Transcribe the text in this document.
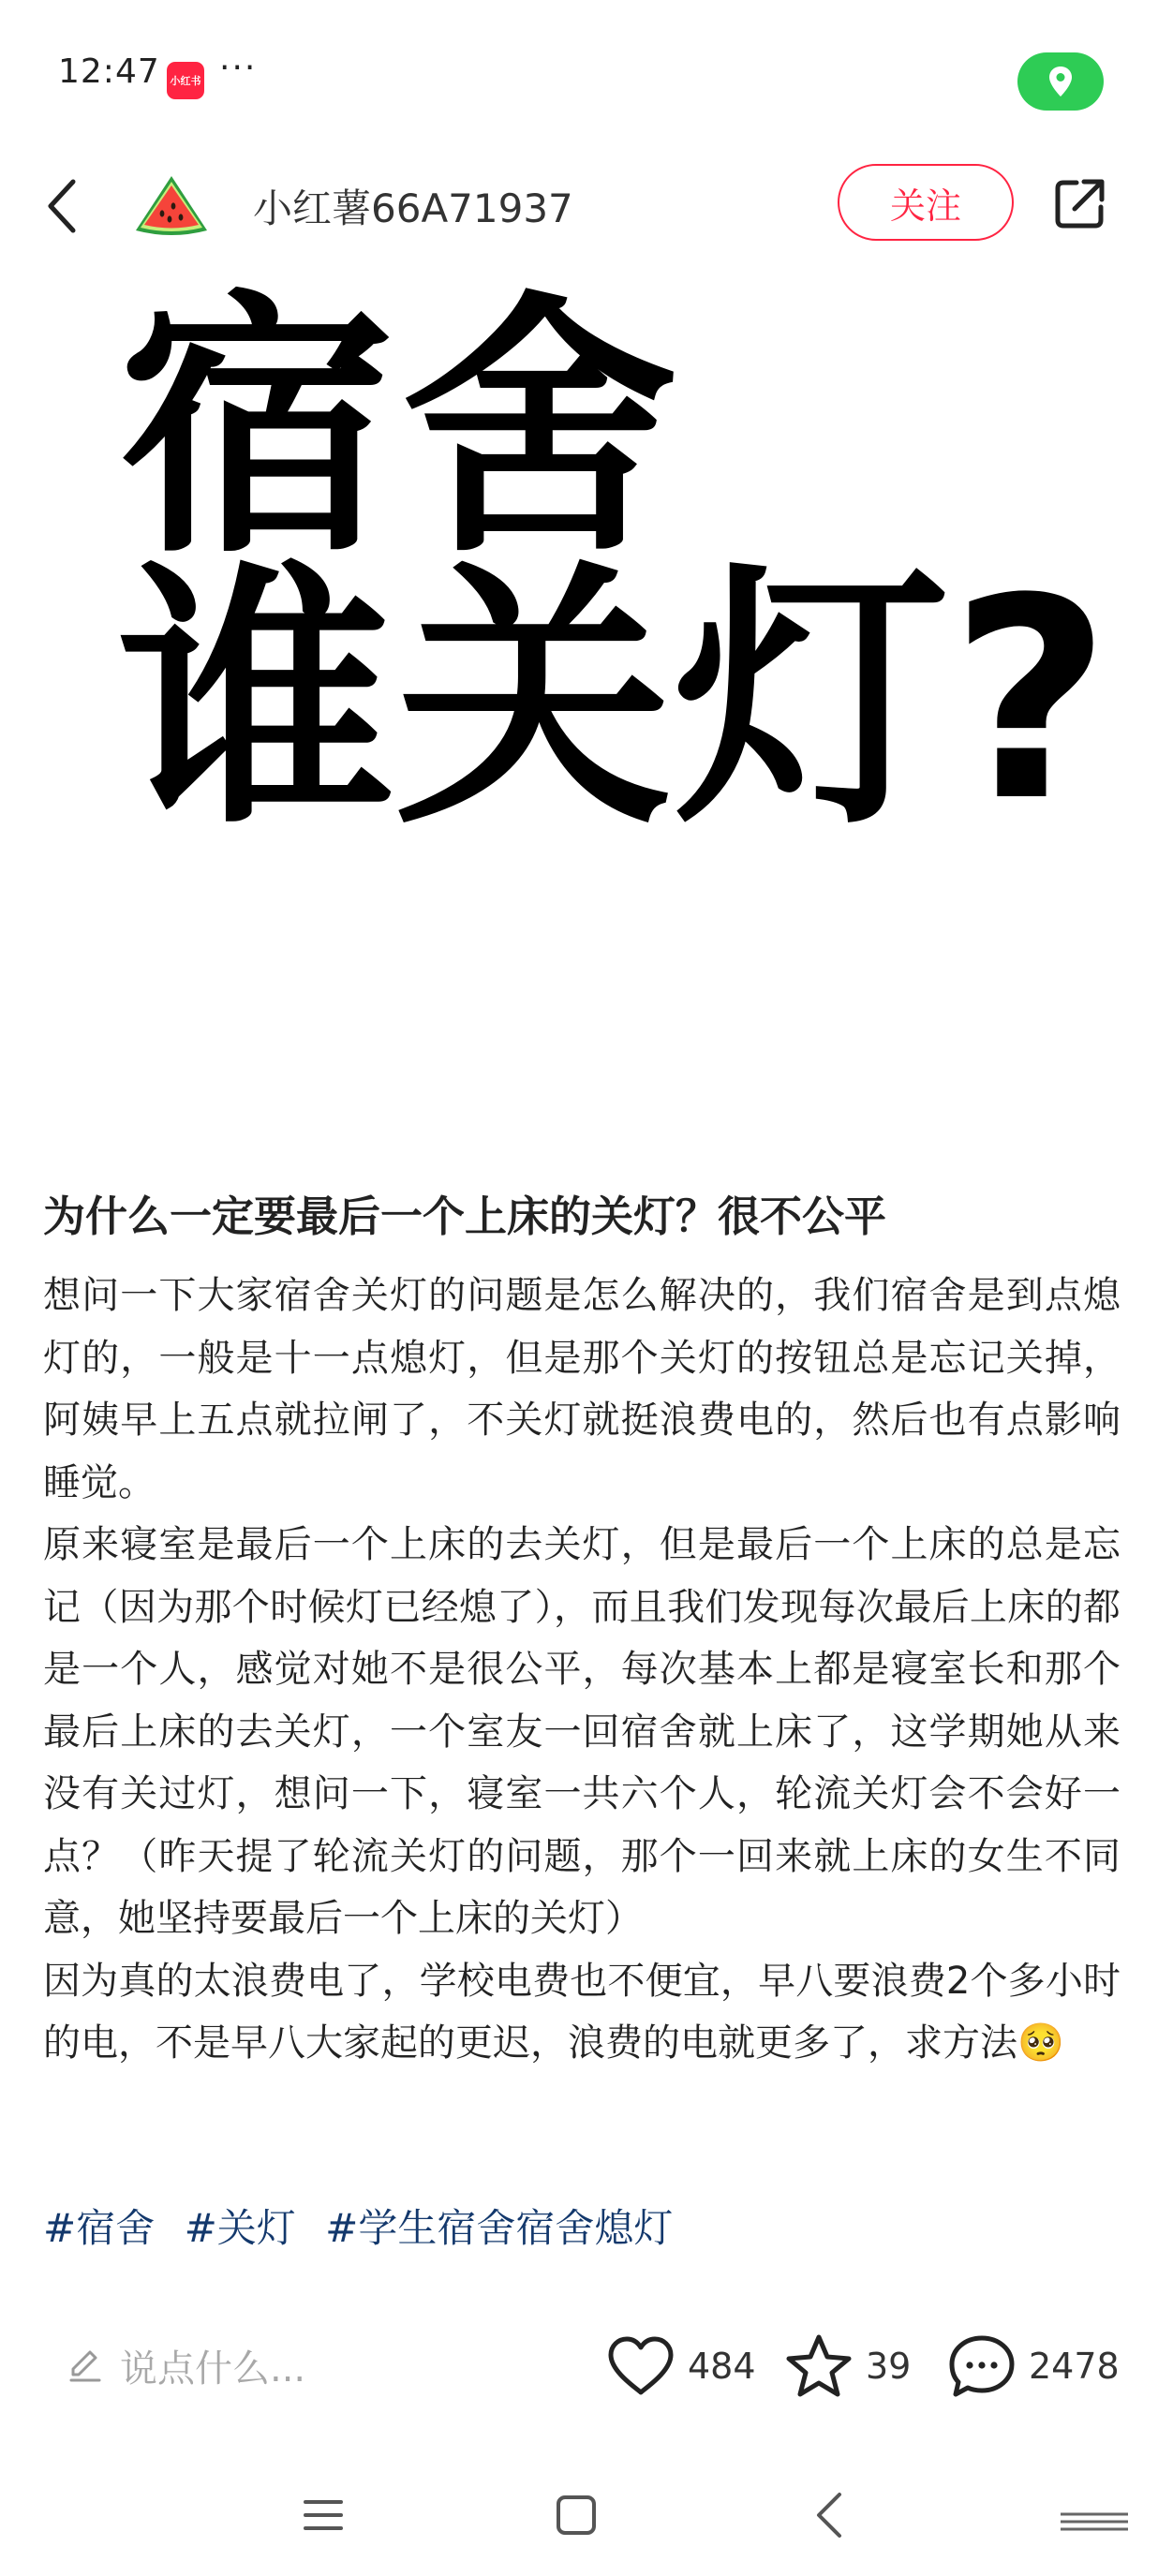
12:47 小红书 ···
小红薯66A71937	关注
宿舍
谁关灯?
为什么一定要最后一个上床的关灯？很不公平

想问一下大家宿舍关灯的问题是怎么解决的，我们宿舍是到点熄灯的，一般是十一点熄灯，但是那个关灯的按钮总是忘记关掉，阿姨早上五点就拉闸了，不关灯就挺浪费电的，然后也有点影响睡觉。

原来寝室是最后一个上床的去关灯，但是最后一个上床的总是忘记（因为那个时候灯已经熄了），而且我们发现每次最后上床的都是一个人，感觉对她不是很公平，每次基本上都是寝室长和那个最后上床的去关灯，一个室友一回宿舍就上床了，这学期她从来没有关过灯，想问一下，寝室一共六个人，轮流关灯会不会好一点？（昨天提了轮流关灯的问题，那个一回来就上床的女生不同意，她坚持要最后一个上床的关灯）

因为真的太浪费电了，学校电费也不便宜，早八要浪费2个多小时的电，不是早八大家起的更迟，浪费的电就更多了，求方法🥺

#宿舍 #关灯 #学生宿舍宿舍熄灯
说点什么...	484	39	2478
